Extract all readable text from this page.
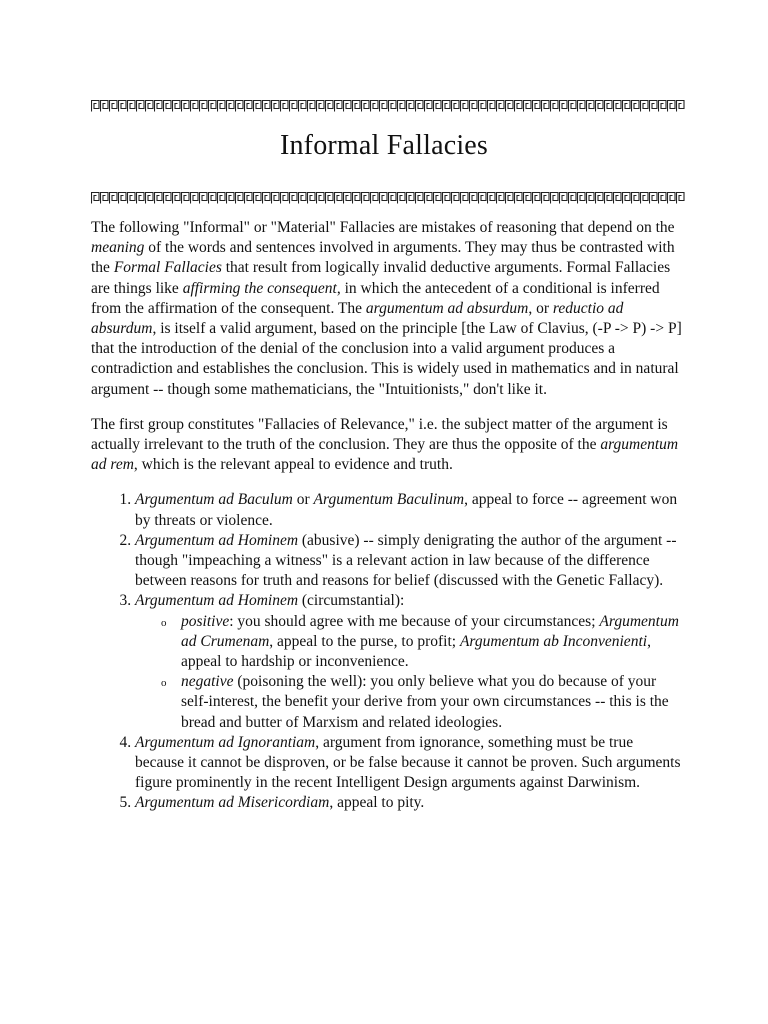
Informal Fallacies

The following "Informal" or "Material" Fallacies are mistakes of reasoning that depend on the meaning of the words and sentences involved in arguments. They may thus be contrasted with the Formal Fallacies that result from logically invalid deductive arguments. Formal Fallacies are things like affirming the consequent, in which the antecedent of a conditional is inferred from the affirmation of the consequent. The argumentum ad absurdum, or reductio ad absurdum, is itself a valid argument, based on the principle [the Law of Clavius, (-P -> P) -> P] that the introduction of the denial of the conclusion into a valid argument produces a contradiction and establishes the conclusion. This is widely used in mathematics and in natural argument -- though some mathematicians, the "Intuitionists," don't like it.

The first group constitutes "Fallacies of Relevance," i.e. the subject matter of the argument is actually irrelevant to the truth of the conclusion. They are thus the opposite of the argumentum ad rem, which is the relevant appeal to evidence and truth.

1. Argumentum ad Baculum or Argumentum Baculinum, appeal to force -- agreement won by threats or violence.
2. Argumentum ad Hominem (abusive) -- simply denigrating the author of the argument -- though "impeaching a witness" is a relevant action in law because of the difference between reasons for truth and reasons for belief (discussed with the Genetic Fallacy).
3. Argumentum ad Hominem (circumstantial):
o positive: you should agree with me because of your circumstances; Argumentum ad Crumenam, appeal to the purse, to profit; Argumentum ab Inconvenienti, appeal to hardship or inconvenience.
o negative (poisoning the well): you only believe what you do because of your self-interest, the benefit your derive from your own circumstances -- this is the bread and butter of Marxism and related ideologies.
4. Argumentum ad Ignorantiam, argument from ignorance, something must be true because it cannot be disproven, or be false because it cannot be proven. Such arguments figure prominently in the recent Intelligent Design arguments against Darwinism.
5. Argumentum ad Misericordiam, appeal to pity.
